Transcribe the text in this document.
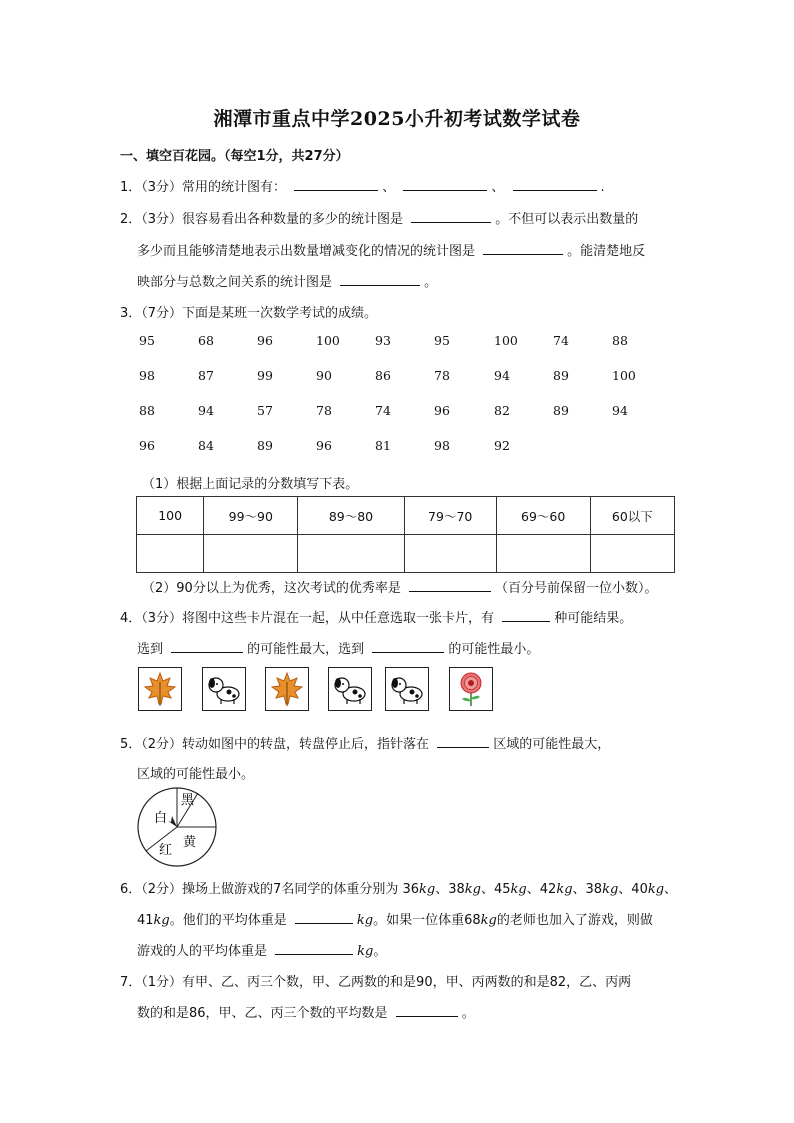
湘潭市重点中学2025小升初考试数学试卷
一、填空百花园。（每空1分，共27分）
1．（3分）常用的统计图有：	、	、	.
2．（3分）很容易看出各种数量的多少的统计图是	。不但可以表示出数量的
多少而且能够清楚地表示出数量增减变化的情况的统计图是	。能清楚地反
映部分与总数之间关系的统计图是	。
3．（7分）下面是某班一次数学考试的成绩。
95	68	96	100	93	95	100	74	88
98	87	99	90	86	78	94	89	100
88	94	57	78	74	96	82	89	94
96	84	89	96	81	98	92
（1）根据上面记录的分数填写下表。
100	99～90	89～80	79～70	69～60	60以下

（2）90分以上为优秀，这次考试的优秀率是	（百分号前保留一位小数）。
4．（3分）将图中这些卡片混在一起，从中任意选取一张卡片，有	种可能结果。
选到	的可能性最大，选到	的可能性最小。
5．（2分）转动如图中的转盘，转盘停止后，指针落在	区域的可能性最大，
区域的可能性最小。
黑
白
黄
红
6．（2分）操场上做游戏的7名同学的体重分别为 36kg、38kg、45kg、42kg、38kg、40kg、
41kg。他们的平均体重是	kg。如果一位体重68kg的老师也加入了游戏，则做
游戏的人的平均体重是	kg。
7．（1分）有甲、乙、丙三个数，甲、乙两数的和是90，甲、丙两数的和是82，乙、丙两
数的和是86，甲、乙、丙三个数的平均数是	。
